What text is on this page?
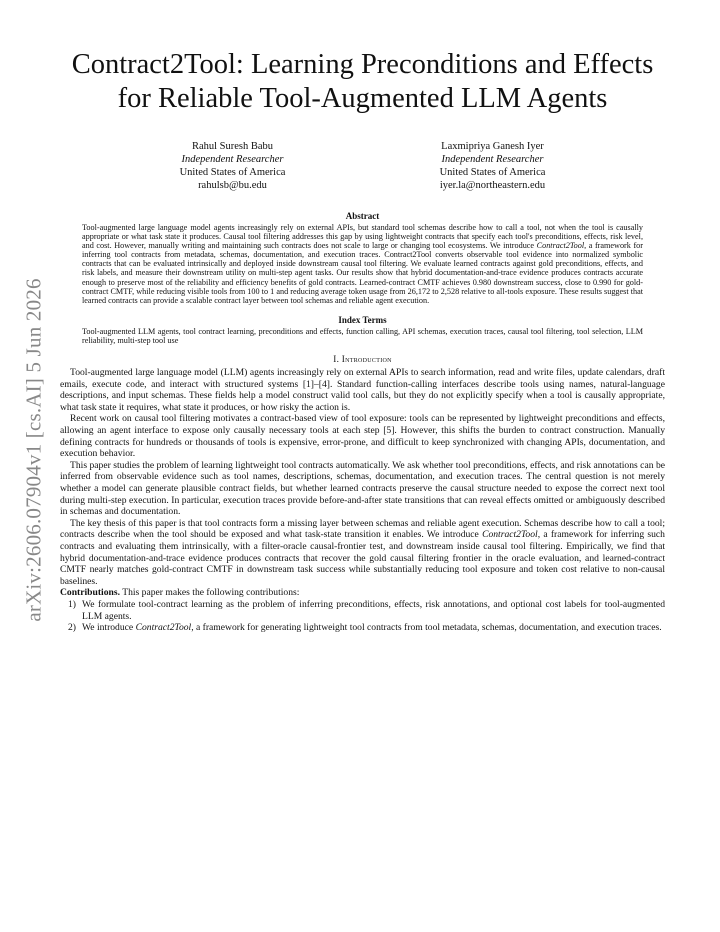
arXiv:2606.07904v1 [cs.AI] 5 Jun 2026
Contract2Tool: Learning Preconditions and Effects
for Reliable Tool-Augmented LLM Agents
Rahul Suresh Babu
Independent Researcher
United States of America
rahulsb@bu.edu
Laxmipriya Ganesh Iyer
Independent Researcher
United States of America
iyer.la@northeastern.edu
Abstract

Tool-augmented large language model agents increasingly rely on external APIs, but standard tool schemas describe how to call a tool, not when the tool is causally appropriate or what task state it produces. Causal tool filtering addresses this gap by using lightweight contracts that specify each tool's preconditions, effects, risk level, and cost. However, manually writing and maintaining such contracts does not scale to large or changing tool ecosystems. We introduce Contract2Tool, a framework for inferring tool contracts from metadata, schemas, documentation, and execution traces. Contract2Tool converts observable tool evidence into normalized symbolic contracts that can be evaluated intrinsically and deployed inside downstream causal tool filtering. We evaluate learned contracts against gold preconditions, effects, and risk labels, and measure their downstream utility on multi-step agent tasks. Our results show that hybrid documentation-and-trace evidence produces contracts accurate enough to preserve most of the reliability and efficiency benefits of gold contracts. Learned-contract CMTF achieves 0.980 downstream success, close to 0.990 for gold-contract CMTF, while reducing visible tools from 100 to 1 and reducing average token usage from 26,172 to 2,528 relative to all-tools exposure. These results suggest that learned contracts can provide a scalable contract layer between tool schemas and reliable agent execution.

Index Terms

Tool-augmented LLM agents, tool contract learning, preconditions and effects, function calling, API schemas, execution traces, causal tool filtering, tool selection, LLM reliability, multi-step tool use

I. Introduction

Tool-augmented large language model (LLM) agents increasingly rely on external APIs to search information, read and write files, update calendars, draft emails, execute code, and interact with structured systems [1]–[4]. Standard function-calling interfaces describe tools using names, natural-language descriptions, and input schemas. These fields help a model construct valid tool calls, but they do not explicitly specify when a tool is causally appropriate, what task state it requires, what state it produces, or how risky the action is.

Recent work on causal tool filtering motivates a contract-based view of tool exposure: tools can be represented by lightweight preconditions and effects, allowing an agent interface to expose only causally necessary tools at each step [5]. However, this shifts the burden to contract construction. Manually defining contracts for hundreds or thousands of tools is expensive, error-prone, and difficult to keep synchronized with changing APIs, documentation, and execution behavior.

This paper studies the problem of learning lightweight tool contracts automatically. We ask whether tool preconditions, effects, and risk annotations can be inferred from observable evidence such as tool names, descriptions, schemas, documentation, and execution traces. The central question is not merely whether a model can generate plausible contract fields, but whether learned contracts preserve the causal structure needed to expose the correct next tool during multi-step execution. In particular, execution traces provide before-and-after state transitions that can reveal effects omitted or ambiguously described in schemas and documentation.

The key thesis of this paper is that tool contracts form a missing layer between schemas and reliable agent execution. Schemas describe how to call a tool; contracts describe when the tool should be exposed and what task-state transition it enables. We introduce Contract2Tool, a framework for inferring such contracts and evaluating them intrinsically, with a filter-oracle causal-frontier test, and downstream inside causal tool filtering. Empirically, we find that hybrid documentation-and-trace evidence produces contracts that recover the gold causal filtering frontier in the oracle evaluation, and learned-contract CMTF nearly matches gold-contract CMTF in downstream task success while substantially reducing tool exposure and token cost relative to non-causal baselines.

Contributions. This paper makes the following contributions:

1) We formulate tool-contract learning as the problem of inferring preconditions, effects, risk annotations, and optional cost labels for tool-augmented LLM agents.
2) We introduce Contract2Tool, a framework for generating lightweight tool contracts from tool metadata, schemas, documentation, and execution traces.
